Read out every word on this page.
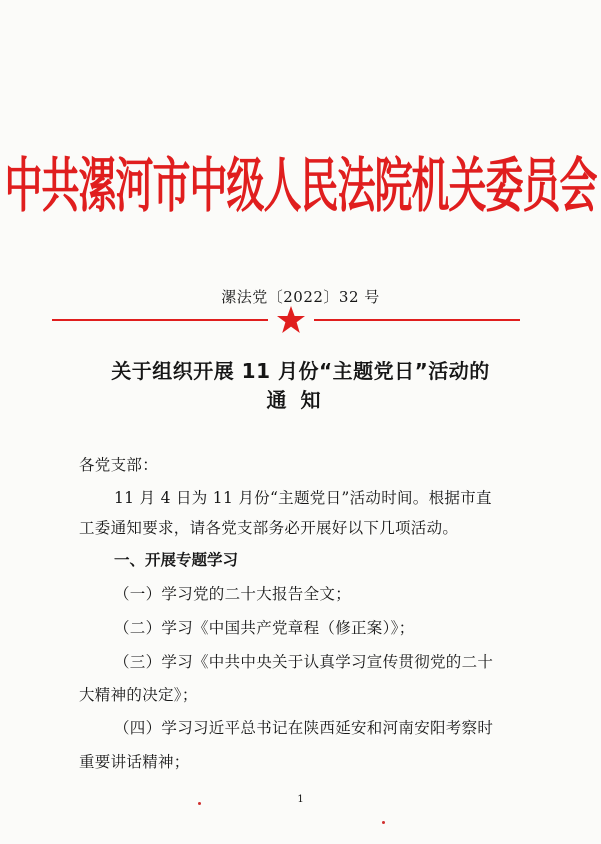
中共漯河市中级人民法院机关委员会
漯法党〔2022〕32 号
关于组织开展 11 月份“主题党日”活动的
通知
各党支部：
11 月 4 日为 11 月份“主题党日”活动时间。根据市直
工委通知要求，请各党支部务必开展好以下几项活动。
一、开展专题学习
（一）学习党的二十大报告全文；
（二）学习《中国共产党章程（修正案）》；
（三）学习《中共中央关于认真学习宣传贯彻党的二十
大精神的决定》；
（四）学习习近平总书记在陕西延安和河南安阳考察时
重要讲话精神；
1
